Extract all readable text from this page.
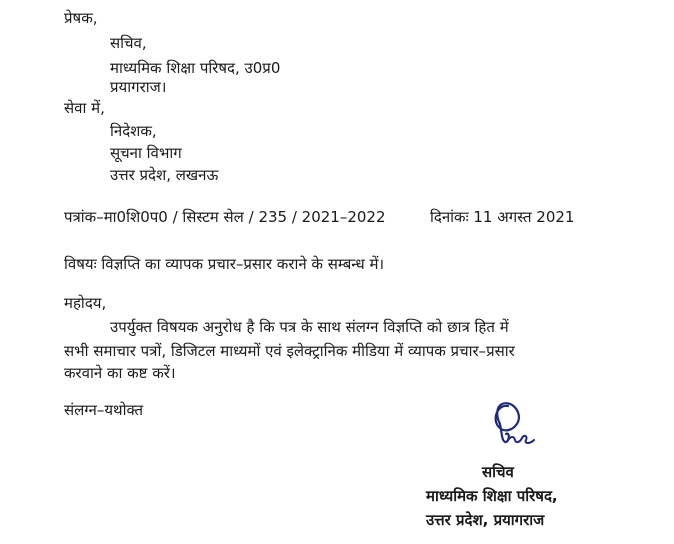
प्रेषक,
सचिव,
माध्यमिक शिक्षा परिषद, उ0प्र0
प्रयागराज।
सेवा में,
निदेशक,
सूचना विभाग
उत्तर प्रदेश, लखनऊ
पत्रांक–मा0शि0प0 / सिस्टम सेल / 235 / 2021–2022	दिनांकः 11 अगस्त 2021
विषयः विज्ञप्ति का व्यापक प्रचार–प्रसार कराने के सम्बन्ध में।
महोदय,
उपर्युक्त विषयक अनुरोध है कि पत्र के साथ संलग्न विज्ञप्ति को छात्र हित में
सभी समाचार पत्रों, डिजिटल माध्यमों एवं इलेक्ट्रानिक मीडिया में व्यापक प्रचार–प्रसार
करवाने का कष्ट करें।
संलग्न–यथोक्त
सचिव
माध्यमिक शिक्षा परिषद,
उत्तर प्रदेश, प्रयागराज
